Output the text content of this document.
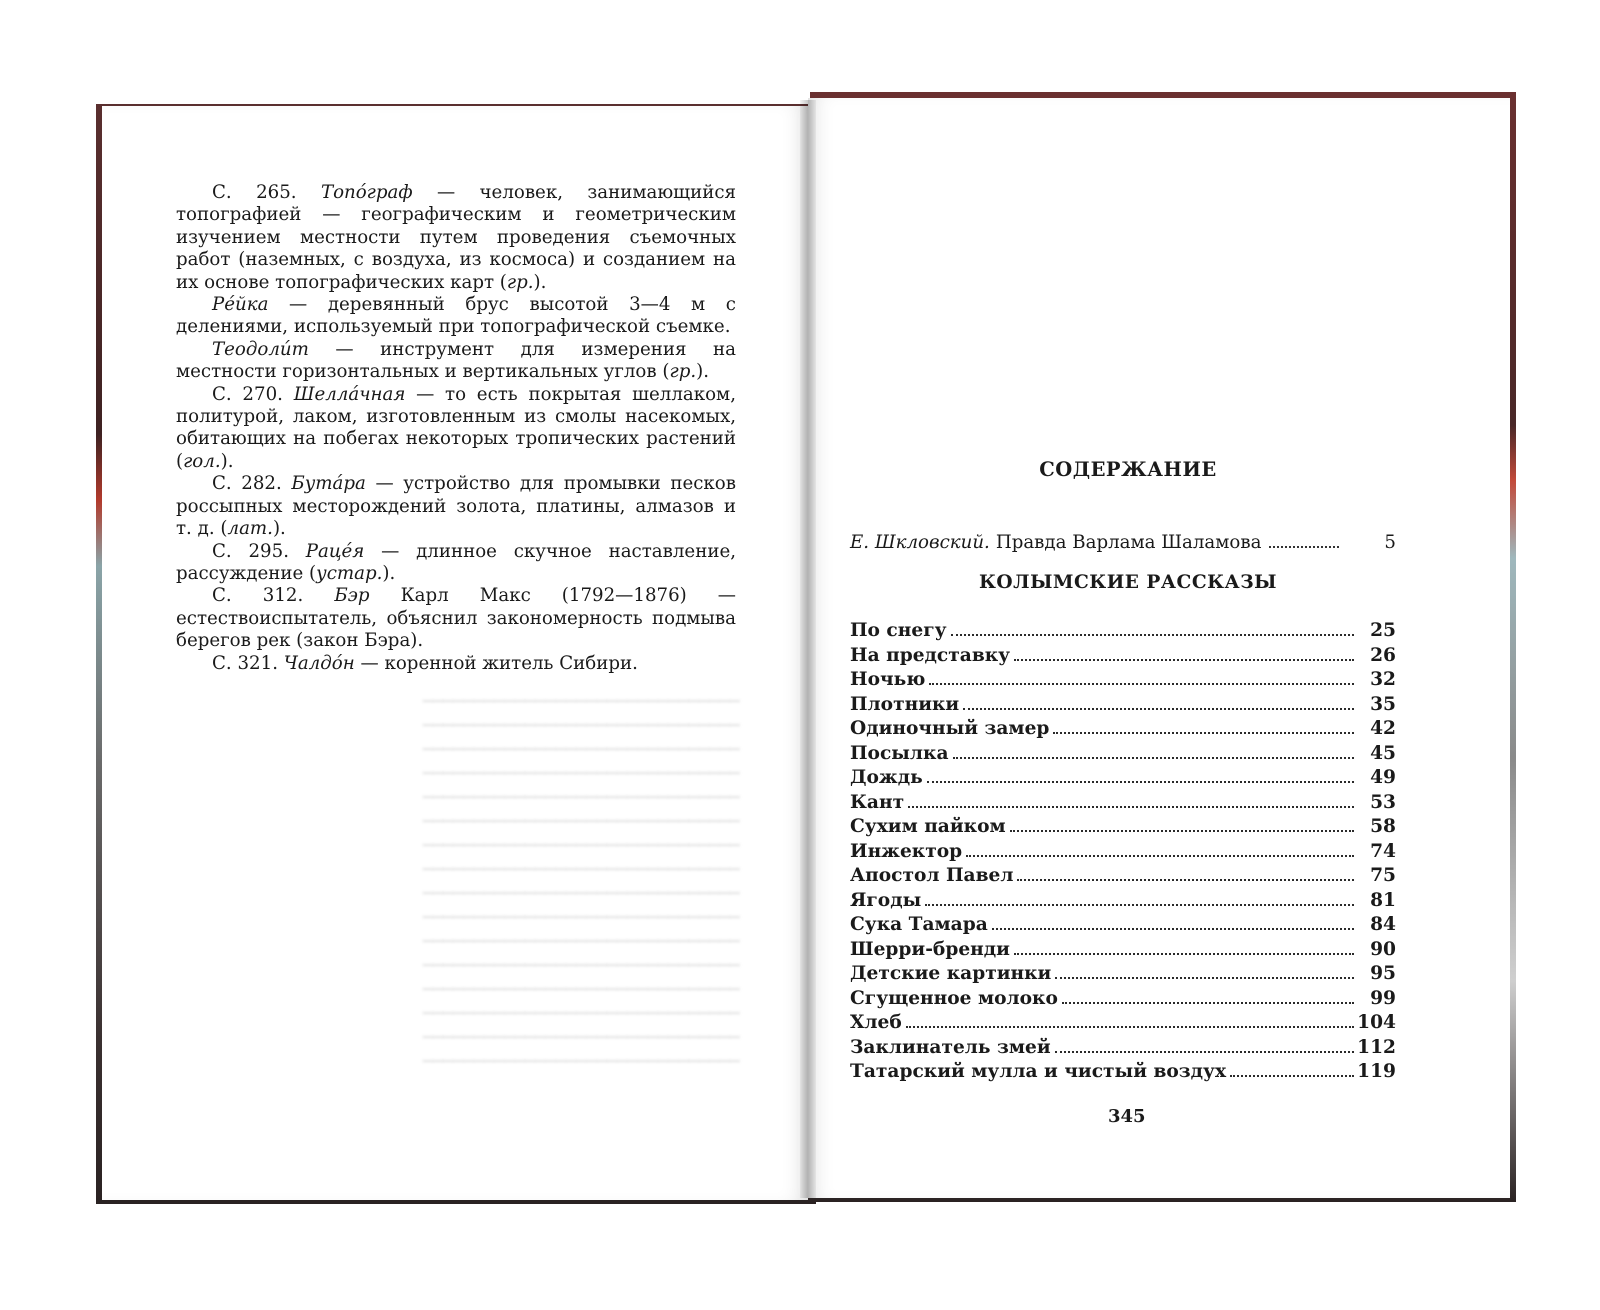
━━━━━━━━━━━━━━━━━━━━━━━━━━━━━━━
━━━━━━━━━━━━━━━━━━━━━━━━━━━━━━━
━━━━━━━━━━━━━━━━━━━━━━━━━━━━━━━
━━━━━━━━━━━━━━━━━━━━━━━━━━━━━━━
━━━━━━━━━━━━━━━━━━━━━━━━━━━━━━━
━━━━━━━━━━━━━━━━━━━━━━━━━━━━━━━
━━━━━━━━━━━━━━━━━━━━━━━━━━━━━━━
━━━━━━━━━━━━━━━━━━━━━━━━━━━━━━━
━━━━━━━━━━━━━━━━━━━━━━━━━━━━━━━
━━━━━━━━━━━━━━━━━━━━━━━━━━━━━━━
━━━━━━━━━━━━━━━━━━━━━━━━━━━━━━━
━━━━━━━━━━━━━━━━━━━━━━━━━━━━━━━
━━━━━━━━━━━━━━━━━━━━━━━━━━━━━━━
━━━━━━━━━━━━━━━━━━━━━━━━━━━━━━━
━━━━━━━━━━━━━━━━━━━━━━━━━━━━━━━
━━━━━━━━━━━━━━━━━━━━━━━━━━━━━━━

С. 265. Топо́граф — человек, занимающийся топографией — географическим и геометрическим изучением местности путем проведения съемочных работ (наземных, с воздуха, из космоса) и созданием на их основе топографических карт (гр.).

Ре́йка — деревянный брус высотой 3—4 м с делениями, используемый при топографической съемке.

Теодоли́т — инструмент для измерения на местности горизонтальных и вертикальных углов (гр.).

С. 270. Шелла́чная — то есть покрытая шеллаком, политурой, лаком, изготовленным из смолы насекомых, обитающих на побегах некоторых тропических растений (гол.).

С. 282. Бута́ра — устройство для промывки песков россыпных месторождений золота, платины, алмазов и т. д. (лат.).

С. 295. Раце́я — длинное скучное наставление, рассуждение (устар.).

С. 312. Бэр Карл Макс (1792—1876) — естествоиспытатель, объяснил закономерность подмыва берегов рек (закон Бэра).

С. 321. Чалдо́н — коренной житель Сибири.

СОДЕРЖАНИЕ
Е. Шкловский. Правда Варлама Шаламова	5
КОЛЫМСКИЕ РАССКАЗЫ
По снегу	25
На представку	26
Ночью	32
Плотники	35
Одиночный замер	42
Посылка	45
Дождь	49
Кант	53
Сухим пайком	58
Инжектор	74
Апостол Павел	75
Ягоды	81
Сука Тамара	84
Шерри-бренди	90
Детские картинки	95
Сгущенное молоко	99
Хлеб	104
Заклинатель змей	112
Татарский мулла и чистый воздух	119
345
